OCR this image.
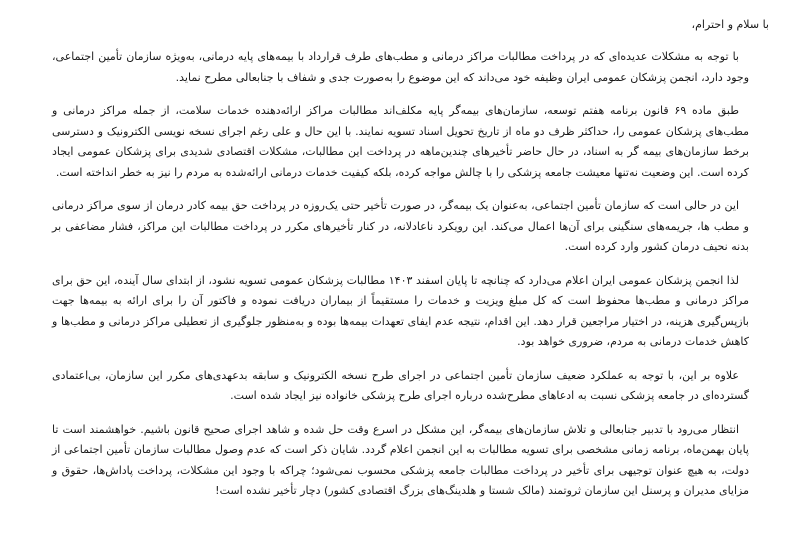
با سلام و احترام،

با توجه به مشکلات عدیده‌ای که در پرداخت مطالبات مراکز درمانی و مطب‌های طرف قرارداد با بیمه‌های پایه درمانی، به‌ویژه سازمان تأمین اجتماعی، وجود دارد، انجمن پزشکان عمومی ایران وظیفه خود می‌داند که این موضوع را به‌صورت جدی و شفاف با جنابعالی مطرح نماید.

طبق ماده ۶۹ قانون برنامه هفتم توسعه، سازمان‌های بیمه‌گر پایه مکلف‌اند مطالبات مراکز ارائه‌دهنده خدمات سلامت، از جمله مراکز درمانی و مطب‌های پزشکان عمومی را، حداکثر ظرف دو ماه از تاریخ تحویل اسناد تسویه نمایند. با این حال و علی رغم اجرای نسخه نویسی الکترونیک و دسترسی برخط سازمان‌های بیمه گر به اسناد، در حال حاضر تأخیرهای چندین‌ماهه در پرداخت این مطالبات، مشکلات اقتصادی شدیدی برای پزشکان عمومی ایجاد کرده است. این وضعیت نه‌تنها معیشت جامعه پزشکی را با چالش مواجه کرده، بلکه کیفیت خدمات درمانی ارائه‌شده به مردم را نیز به خطر انداخته است.

این در حالی است که سازمان تأمین اجتماعی، به‌عنوان یک بیمه‌گر، در صورت تأخیر حتی یک‌روزه در پرداخت حق بیمه کادر درمان از سوی مراکز درمانی و مطب ها، جریمه‌های سنگینی برای آن‌ها اعمال می‌کند. این رویکرد ناعادلانه، در کنار تأخیرهای مکرر در پرداخت مطالبات این مراکز، فشار مضاعفی بر بدنه نحیف درمان کشور وارد کرده است.

لذا انجمن پزشکان عمومی ایران اعلام می‌دارد که چنانچه تا پایان اسفند ۱۴۰۳ مطالبات پزشکان عمومی تسویه نشود، از ابتدای سال آینده، این حق برای مراکز درمانی و مطب‌ها محفوظ است که کل مبلغ ویزیت و خدمات را مستقیماً از بیماران دریافت نموده و فاکتور آن را برای ارائه به بیمه‌ها جهت بازپس‌گیری هزینه، در اختیار مراجعین قرار دهد. این اقدام، نتیجه عدم ایفای تعهدات بیمه‌ها بوده و به‌منظور جلوگیری از تعطیلی مراکز درمانی و مطب‌ها و کاهش خدمات درمانی به مردم، ضروری خواهد بود.

علاوه بر این، با توجه به عملکرد ضعیف سازمان تأمین اجتماعی در اجرای طرح نسخه الکترونیک و سابقه بدعهدی‌های مکرر این سازمان، بی‌اعتمادی گسترده‌ای در جامعه پزشکی نسبت به ادعاهای مطرح‌شده درباره اجرای طرح پزشکی خانواده نیز ایجاد شده است.

انتظار می‌رود با تدبیر جنابعالی و تلاش سازمان‌های بیمه‌گر، این مشکل در اسرع وقت حل شده و شاهد اجرای صحیح قانون باشیم. خواهشمند است تا پایان بهمن‌ماه، برنامه زمانی مشخصی برای تسویه مطالبات به این انجمن اعلام گردد. شایان ذکر است که عدم وصول مطالبات سازمان تأمین اجتماعی از دولت، به هیچ عنوان توجیهی برای تأخیر در پرداخت مطالبات جامعه پزشکی محسوب نمی‌شود؛ چراکه با وجود این مشکلات، پرداخت پاداش‌ها، حقوق و مزایای مدیران و پرسنل این سازمان ثروتمند (مالک شستا و هلدینگ‌های بزرگ اقتصادی کشور) دچار تأخیر نشده است!
